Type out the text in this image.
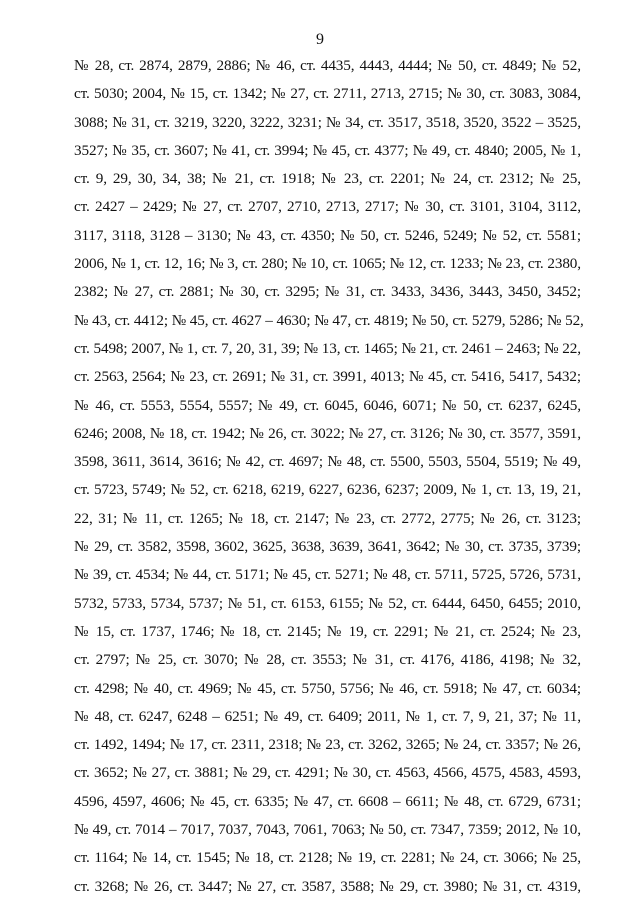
9
№ 28, ст. 2874, 2879, 2886; № 46, ст. 4435, 4443, 4444; № 50, ст. 4849; № 52,
ст. 5030; 2004, № 15, ст. 1342; № 27, ст. 2711, 2713, 2715; № 30, ст. 3083, 3084,
3088; № 31, ст. 3219, 3220, 3222, 3231; № 34, ст. 3517, 3518, 3520, 3522 – 3525,
3527; № 35, ст. 3607; № 41, ст. 3994; № 45, ст. 4377; № 49, ст. 4840; 2005, № 1,
ст. 9, 29, 30, 34, 38; № 21, ст. 1918; № 23, ст. 2201; № 24, ст. 2312; № 25,
ст. 2427 – 2429; № 27, ст. 2707, 2710, 2713, 2717; № 30, ст. 3101, 3104, 3112,
3117, 3118, 3128 – 3130; № 43, ст. 4350; № 50, ст. 5246, 5249; № 52, ст. 5581;
2006, № 1, ст. 12, 16; № 3, ст. 280; № 10, ст. 1065; № 12, ст. 1233; № 23, ст. 2380,
2382; № 27, ст. 2881; № 30, ст. 3295; № 31, ст. 3433, 3436, 3443, 3450, 3452;
№ 43, ст. 4412; № 45, ст. 4627 – 4630; № 47, ст. 4819; № 50, ст. 5279, 5286; № 52,
ст. 5498; 2007, № 1, ст. 7, 20, 31, 39; № 13, ст. 1465; № 21, ст. 2461 – 2463; № 22,
ст. 2563, 2564; № 23, ст. 2691; № 31, ст. 3991, 4013; № 45, ст. 5416, 5417, 5432;
№ 46, ст. 5553, 5554, 5557; № 49, ст. 6045, 6046, 6071; № 50, ст. 6237, 6245,
6246; 2008, № 18, ст. 1942; № 26, ст. 3022; № 27, ст. 3126; № 30, ст. 3577, 3591,
3598, 3611, 3614, 3616; № 42, ст. 4697; № 48, ст. 5500, 5503, 5504, 5519; № 49,
ст. 5723, 5749; № 52, ст. 6218, 6219, 6227, 6236, 6237; 2009, № 1, ст. 13, 19, 21,
22, 31; № 11, ст. 1265; № 18, ст. 2147; № 23, ст. 2772, 2775; № 26, ст. 3123;
№ 29, ст. 3582, 3598, 3602, 3625, 3638, 3639, 3641, 3642; № 30, ст. 3735, 3739;
№ 39, ст. 4534; № 44, ст. 5171; № 45, ст. 5271; № 48, ст. 5711, 5725, 5726, 5731,
5732, 5733, 5734, 5737; № 51, ст. 6153, 6155; № 52, ст. 6444, 6450, 6455; 2010,
№ 15, ст. 1737, 1746; № 18, ст. 2145; № 19, ст. 2291; № 21, ст. 2524; № 23,
ст. 2797; № 25, ст. 3070; № 28, ст. 3553; № 31, ст. 4176, 4186, 4198; № 32,
ст. 4298; № 40, ст. 4969; № 45, ст. 5750, 5756; № 46, ст. 5918; № 47, ст. 6034;
№ 48, ст. 6247, 6248 – 6251; № 49, ст. 6409; 2011, № 1, ст. 7, 9, 21, 37; № 11,
ст. 1492, 1494; № 17, ст. 2311, 2318; № 23, ст. 3262, 3265; № 24, ст. 3357; № 26,
ст. 3652; № 27, ст. 3881; № 29, ст. 4291; № 30, ст. 4563, 4566, 4575, 4583, 4593,
4596, 4597, 4606; № 45, ст. 6335; № 47, ст. 6608 – 6611; № 48, ст. 6729, 6731;
№ 49, ст. 7014 – 7017, 7037, 7043, 7061, 7063; № 50, ст. 7347, 7359; 2012, № 10,
ст. 1164; № 14, ст. 1545; № 18, ст. 2128; № 19, ст. 2281; № 24, ст. 3066; № 25,
ст. 3268; № 26, ст. 3447; № 27, ст. 3587, 3588; № 29, ст. 3980; № 31, ст. 4319,
